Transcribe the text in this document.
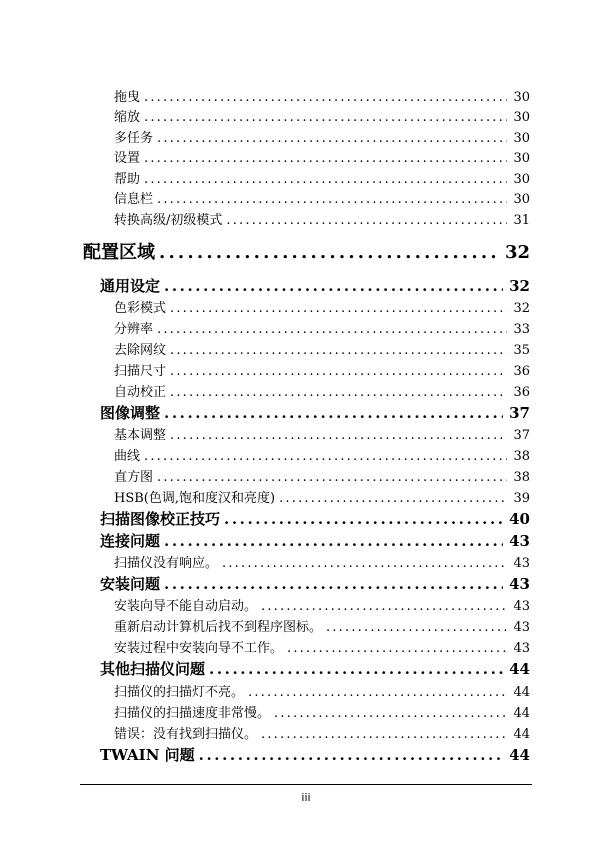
拖曳 .....	30
缩放 .....	30
多任务 .....	30
设置 .....	30
帮助 .....	30
信息栏 .....	30
转换高级/初级模式 .....	31
配置区域 .....	32
通用设定 .....	32
色彩模式 .....	32
分辨率 .....	33
去除网纹 .....	35
扫描尺寸 .....	36
自动校正 .....	36
图像调整 .....	37
基本调整 .....	37
曲线 .....	38
直方图 .....	38
HSB(色调,饱和度汉和亮度) .....	39
扫描图像校正技巧 .....	40
连接问题 .....	43
扫描仪没有响应。 .....	43
安装问题 .....	43
安装向导不能自动启动。 .....	43
重新启动计算机后找不到程序图标。 .....	43
安装过程中安装向导不工作。 .....	43
其他扫描仪问题 .....	44
扫描仪的扫描灯不亮。 .....	44
扫描仪的扫描速度非常慢。 .....	44
错误：没有找到扫描仪。 .....	44
TWAIN 问题 .....	44
iii
